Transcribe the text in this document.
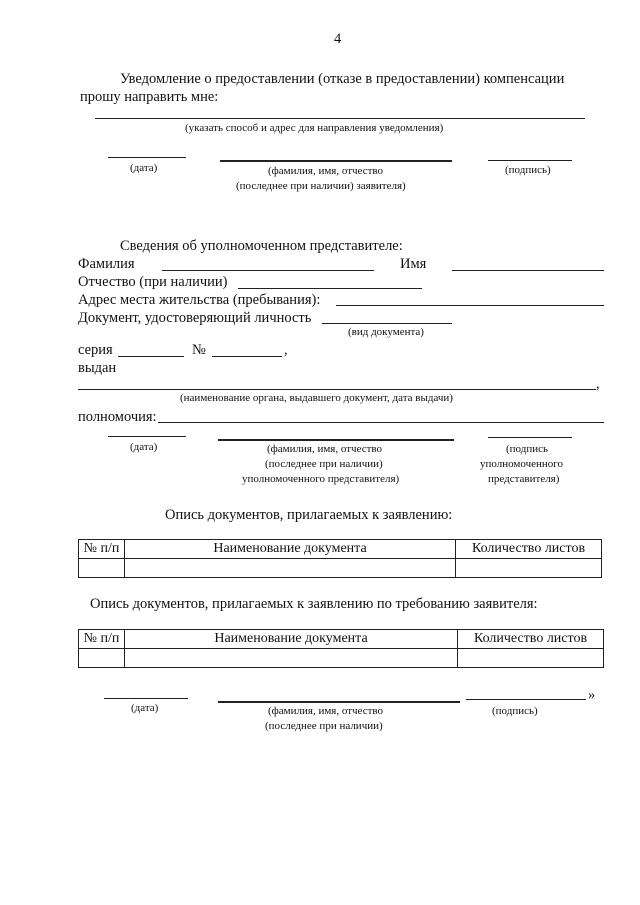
4
Уведомление о предоставлении (отказе в предоставлении) компенсации
прошу направить мне:
(указать способ и адрес для направления уведомления)
(дата)	(фамилия, имя, отчество
(последнее при наличии) заявителя)
(подпись)
Сведения об уполномоченном представителе:
Фамилия	Имя
Отчество (при наличии)
Адрес места жительства (пребывания):
Документ, удостоверяющий личность
(вид документа)
серия	№	,
выдан
,
(наименование органа, выдавшего документ, дата выдачи)
полномочия:
(дата)	(фамилия, имя, отчество
(последнее при наличии)
уполномоченного представителя)
(подпись
уполномоченного
представителя)
Опись документов, прилагаемых к заявлению:
№ п/п	Наименование документа	Количество листов

Опись документов, прилагаемых к заявлению по требованию заявителя:
№ п/п	Наименование документа	Количество листов

»
(дата)	(фамилия, имя, отчество
(последнее при наличии)
(подпись)
